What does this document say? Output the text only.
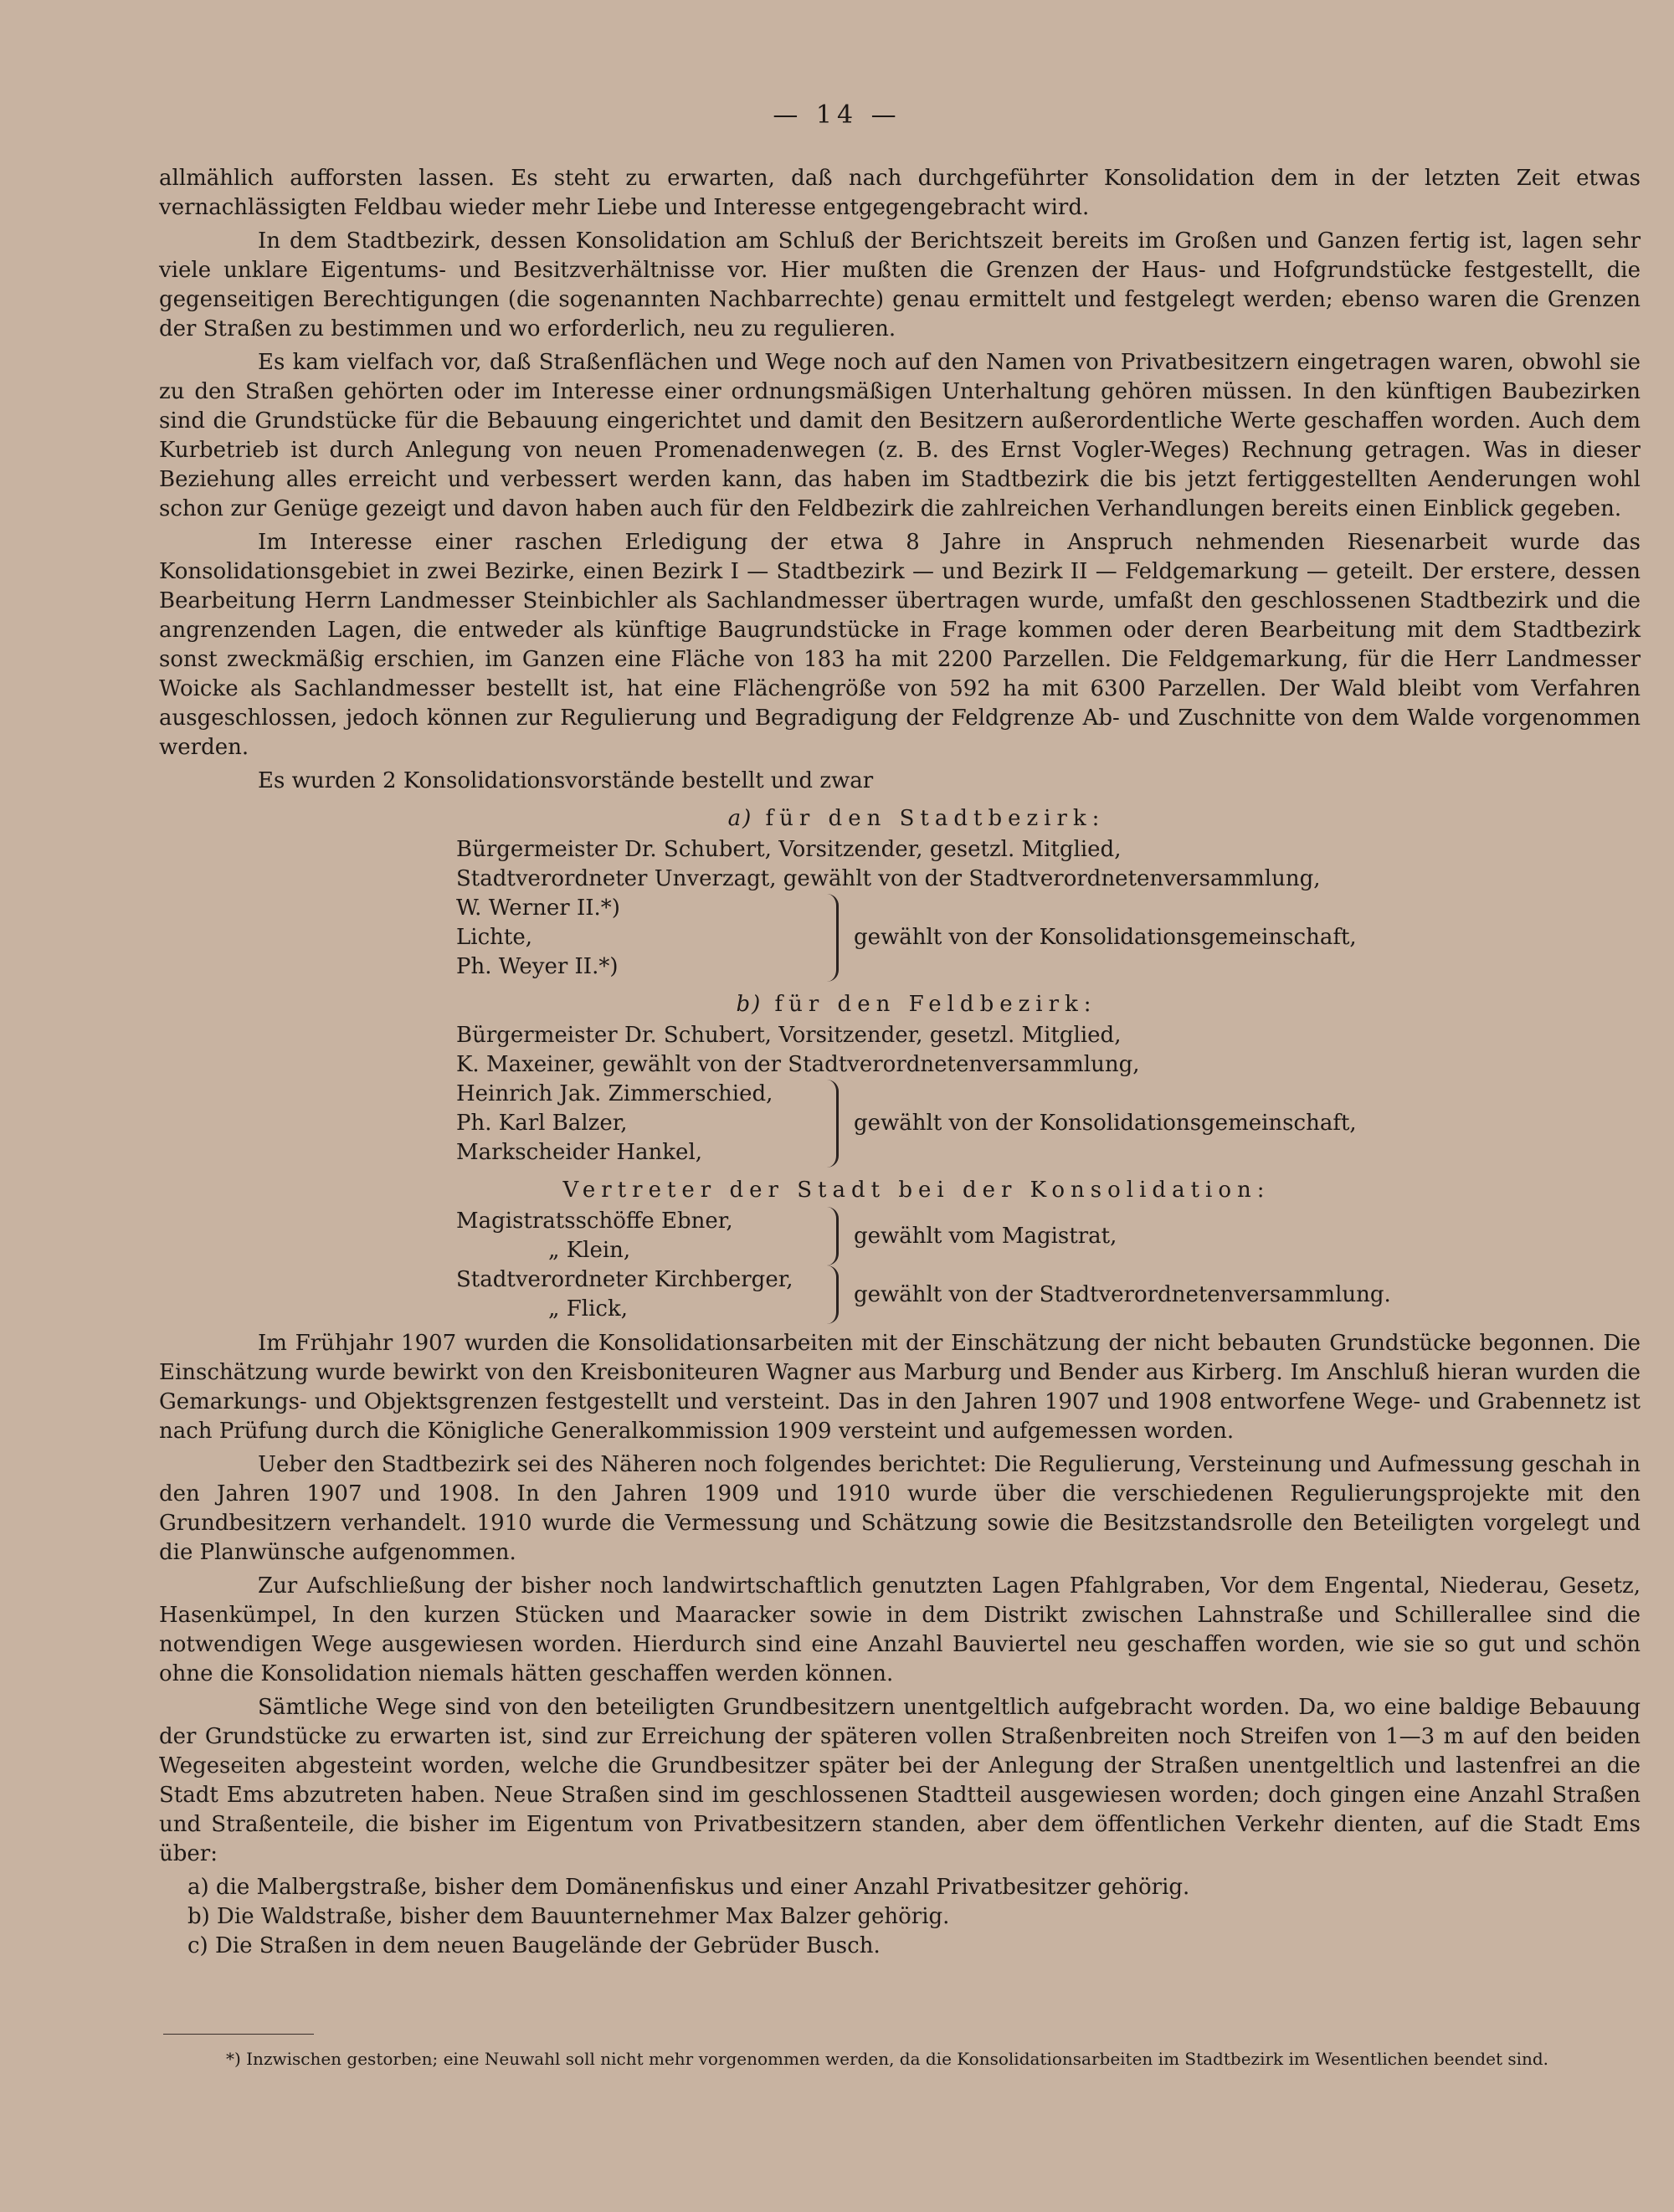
— 14 —

allmählich aufforsten lassen. Es steht zu erwarten, daß nach durchgeführter Konsolidation dem in der letzten Zeit etwas vernachlässigten Feldbau wieder mehr Liebe und Interesse entgegengebracht wird.

In dem Stadtbezirk, dessen Konsolidation am Schluß der Berichtszeit bereits im Großen und Ganzen fertig ist, lagen sehr viele unklare Eigentums- und Besitzverhältnisse vor. Hier mußten die Grenzen der Haus- und Hofgrundstücke festgestellt, die gegenseitigen Berechtigungen (die sogenannten Nachbarrechte) genau ermittelt und festgelegt werden; ebenso waren die Grenzen der Straßen zu bestimmen und wo erforderlich, neu zu regulieren.

Es kam vielfach vor, daß Straßenflächen und Wege noch auf den Namen von Privatbesitzern eingetragen waren, obwohl sie zu den Straßen gehörten oder im Interesse einer ordnungsmäßigen Unterhaltung gehören müssen. In den künftigen Baubezirken sind die Grundstücke für die Bebauung eingerichtet und damit den Besitzern außerordentliche Werte geschaffen worden. Auch dem Kurbetrieb ist durch Anlegung von neuen Promenadenwegen (z. B. des Ernst Vogler-Weges) Rechnung getragen. Was in dieser Beziehung alles erreicht und verbessert werden kann, das haben im Stadtbezirk die bis jetzt fertiggestellten Aenderungen wohl schon zur Genüge gezeigt und davon haben auch für den Feldbezirk die zahlreichen Verhandlungen bereits einen Einblick gegeben.

Im Interesse einer raschen Erledigung der etwa 8 Jahre in Anspruch nehmenden Riesenarbeit wurde das Konsolidationsgebiet in zwei Bezirke, einen Bezirk I — Stadtbezirk — und Bezirk II — Feldgemarkung — geteilt. Der erstere, dessen Bearbeitung Herrn Landmesser Steinbichler als Sachlandmesser übertragen wurde, umfaßt den geschlossenen Stadtbezirk und die angrenzenden Lagen, die entweder als künftige Baugrundstücke in Frage kommen oder deren Bearbeitung mit dem Stadtbezirk sonst zweckmäßig erschien, im Ganzen eine Fläche von 183 ha mit 2200 Parzellen. Die Feldgemarkung, für die Herr Landmesser Woicke als Sachlandmesser bestellt ist, hat eine Flächengröße von 592 ha mit 6300 Parzellen. Der Wald bleibt vom Verfahren ausgeschlossen, jedoch können zur Regulierung und Begradigung der Feldgrenze Ab- und Zuschnitte von dem Walde vorgenommen werden.

Es wurden 2 Konsolidationsvorstände bestellt und zwar

a) für den Stadtbezirk:
Bürgermeister Dr. Schubert, Vorsitzender, gesetzl. Mitglied,
Stadtverordneter Unverzagt, gewählt von der Stadtverordnetenversammlung,
W. Werner II.*)
Lichte,
Ph. Weyer II.*)
gewählt von der Konsolidationsgemeinschaft,
b) für den Feldbezirk:
Bürgermeister Dr. Schubert, Vorsitzender, gesetzl. Mitglied,
K. Maxeiner, gewählt von der Stadtverordnetenversammlung,
Heinrich Jak. Zimmerschied,
Ph. Karl Balzer,
Markscheider Hankel,
gewählt von der Konsolidationsgemeinschaft,
Vertreter der Stadt bei der Konsolidation:
Magistratsschöffe Ebner,
„ Klein,
gewählt vom Magistrat,
Stadtverordneter Kirchberger,
„ Flick,
gewählt von der Stadtverordnetenversammlung.

Im Frühjahr 1907 wurden die Konsolidationsarbeiten mit der Einschätzung der nicht bebauten Grundstücke begonnen. Die Einschätzung wurde bewirkt von den Kreisboniteuren Wagner aus Marburg und Bender aus Kirberg. Im Anschluß hieran wurden die Gemarkungs- und Objektsgrenzen festgestellt und versteint. Das in den Jahren 1907 und 1908 entworfene Wege- und Grabennetz ist nach Prüfung durch die Königliche Generalkommission 1909 versteint und aufgemessen worden.

Ueber den Stadtbezirk sei des Näheren noch folgendes berichtet: Die Regulierung, Versteinung und Aufmessung geschah in den Jahren 1907 und 1908. In den Jahren 1909 und 1910 wurde über die verschiedenen Regulierungsprojekte mit den Grundbesitzern verhandelt. 1910 wurde die Vermessung und Schätzung sowie die Besitzstandsrolle den Beteiligten vorgelegt und die Planwünsche aufgenommen.

Zur Aufschließung der bisher noch landwirtschaftlich genutzten Lagen Pfahlgraben, Vor dem Engental, Niederau, Gesetz, Hasenkümpel, In den kurzen Stücken und Maaracker sowie in dem Distrikt zwischen Lahnstraße und Schillerallee sind die notwendigen Wege ausgewiesen worden. Hierdurch sind eine Anzahl Bauviertel neu geschaffen worden, wie sie so gut und schön ohne die Konsolidation niemals hätten geschaffen werden können.

Sämtliche Wege sind von den beteiligten Grundbesitzern unentgeltlich aufgebracht worden. Da, wo eine baldige Bebauung der Grundstücke zu erwarten ist, sind zur Erreichung der späteren vollen Straßenbreiten noch Streifen von 1—3 m auf den beiden Wegeseiten abgesteint worden, welche die Grundbesitzer später bei der Anlegung der Straßen unentgeltlich und lastenfrei an die Stadt Ems abzutreten haben. Neue Straßen sind im geschlossenen Stadtteil ausgewiesen worden; doch gingen eine Anzahl Straßen und Straßenteile, die bisher im Eigentum von Privatbesitzern standen, aber dem öffentlichen Verkehr dienten, auf die Stadt Ems über:

a) die Malbergstraße, bisher dem Domänenfiskus und einer Anzahl Privatbesitzer gehörig.
b) Die Waldstraße, bisher dem Bauunternehmer Max Balzer gehörig.
c) Die Straßen in dem neuen Baugelände der Gebrüder Busch.
*) Inzwischen gestorben; eine Neuwahl soll nicht mehr vorgenommen werden, da die Konsolidationsarbeiten im Stadtbezirk im Wesentlichen beendet sind.
